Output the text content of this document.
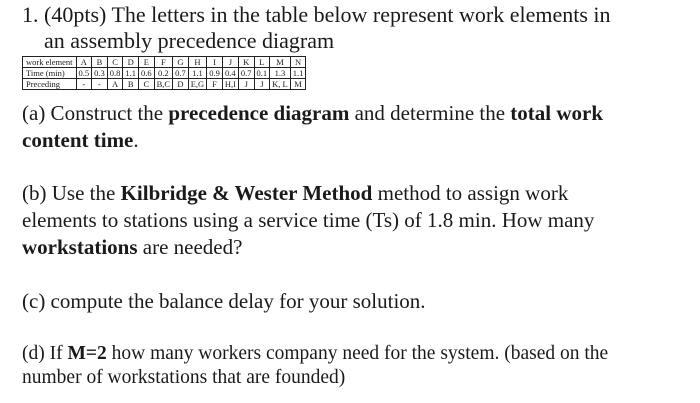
1. (40pts) The letters in the table below represent work elements in
an assembly precedence diagram
work element	A	B	C	D	E	F	G	H	I	J	K	L	M	N
Time (min)	0.5	0.3	0.8	1.1	0.6	0.2	0.7	1.1	0.9	0.4	0.7	0.1	1.3	1.1
Preceding	-	-	A	B	C	B,C	D	E,G	F	H,I	J	J	K, L	M
(a) Construct the precedence diagram and determine the total work
content time.
(b) Use the Kilbridge & Wester Method method to assign work
elements to stations using a service time (Ts) of 1.8 min. How many
workstations are needed?
(c) compute the balance delay for your solution.
(d) If M=2 how many workers company need for the system. (based on the
number of workstations that are founded)
